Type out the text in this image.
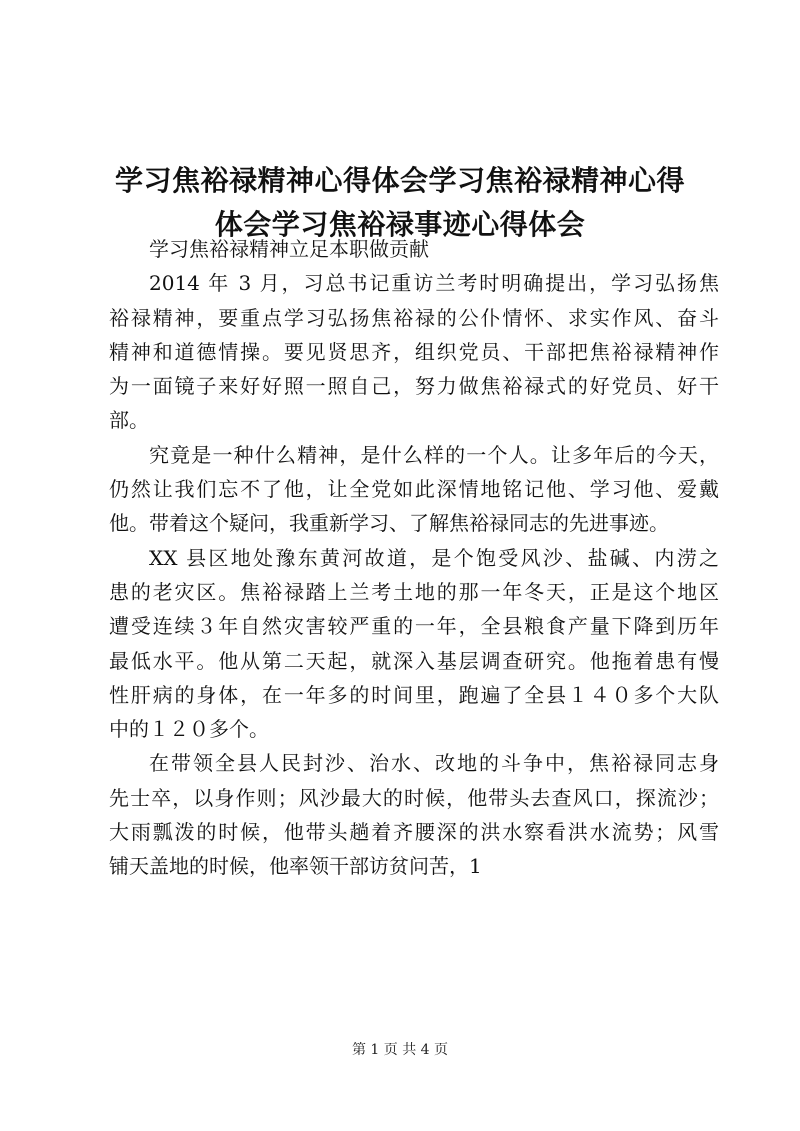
学习焦裕禄精神心得体会学习焦裕禄精神心得
体会学习焦裕禄事迹心得体会

学习焦裕禄精神立足本职做贡献

2014 年 3 月，习总书记重访兰考时明确提出，学习弘扬焦
裕禄精神，要重点学习弘扬焦裕禄的公仆情怀、求实作风、奋斗
精神和道德情操。要见贤思齐，组织党员、干部把焦裕禄精神作
为一面镜子来好好照一照自己，努力做焦裕禄式的好党员、好干
部。

究竟是一种什么精神，是什么样的一个人。让多年后的今天，
仍然让我们忘不了他，让全党如此深情地铭记他、学习他、爱戴
他。带着这个疑问，我重新学习、了解焦裕禄同志的先进事迹。

XX 县区地处豫东黄河故道，是个饱受风沙、盐碱、内涝之
患的老灾区。焦裕禄踏上兰考土地的那一年冬天，正是这个地区
遭受连续３年自然灾害较严重的一年，全县粮食产量下降到历年
最低水平。他从第二天起，就深入基层调查研究。他拖着患有慢
性肝病的身体，在一年多的时间里，跑遍了全县１４０多个大队
中的１２０多个。

在带领全县人民封沙、治水、改地的斗争中，焦裕禄同志身
先士卒，以身作则；风沙最大的时候，他带头去查风口，探流沙；
大雨瓢泼的时候，他带头趟着齐腰深的洪水察看洪水流势；风雪
铺天盖地的时候，他率领干部访贫问苦，1

第 1 页 共 4 页
